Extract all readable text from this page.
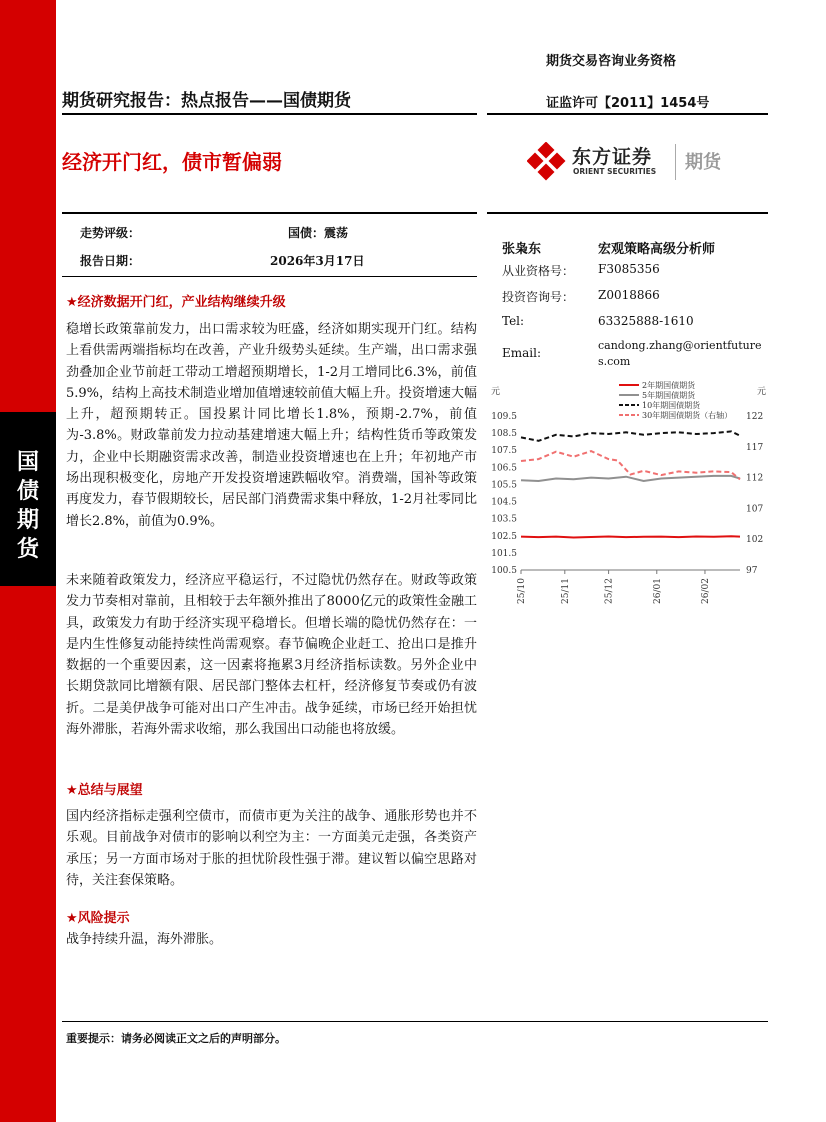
国
债
期
货
期货交易咨询业务资格
期货研究报告：热点报告——国债期货	证监许可【2011】1454号
经济开门红，债市暂偏弱	东方证券
ORIENT SECURITIES 期货
走势评级：	国债：震荡
报告日期：	2026年3月17日
张枭东	宏观策略高级分析师
从业资格号： F3085356
投资咨询号： Z0018866
Tel:	63325888-1610
Email:
candong.zhang@orientfutures.com
元	元
100.5
101.5
102.5
103.5
104.5
105.5
106.5
107.5
108.5
109.5
97
102
107
112
117
122
25/10	25/11	25/12	26/01	26/02
2年期国债期货
5年期国债期货
10年期国债期货
30年期国债期货（右轴）
★经济数据开门红，产业结构继续升级
稳增长政策靠前发力，出口需求较为旺盛，经济如期实现开门红。结构上看供需两端指标均在改善，产业升级势头延续。生产端，出口需求强劲叠加企业节前赶工带动工增超预期增长，1-2月工增同比6.3%，前值5.9%，结构上高技术制造业增加值增速较前值大幅上升。投资增速大幅上升，超预期转正。国投累计同比增长1.8%，预期-2.7%，前值为-3.8%。财政靠前发力拉动基建增速大幅上升；结构性货币等政策发力，企业中长期融资需求改善，制造业投资增速也在上升；年初地产市场出现积极变化，房地产开发投资增速跌幅收窄。消费端，国补等政策再度发力，春节假期较长，居民部门消费需求集中释放，1-2月社零同比增长2.8%，前值为0.9%。
未来随着政策发力，经济应平稳运行，不过隐忧仍然存在。财政等政策发力节奏相对靠前，且相较于去年额外推出了8000亿元的政策性金融工具，政策发力有助于经济实现平稳增长。但增长端的隐忧仍然存在：一是内生性修复动能持续性尚需观察。春节偏晚企业赶工、抢出口是推升数据的一个重要因素，这一因素将拖累3月经济指标读数。另外企业中长期贷款同比增额有限、居民部门整体去杠杆，经济修复节奏或仍有波折。二是美伊战争可能对出口产生冲击。战争延续，市场已经开始担忧海外滞胀，若海外需求收缩，那么我国出口动能也将放缓。
★总结与展望
国内经济指标走强利空债市，而债市更为关注的战争、通胀形势也并不乐观。目前战争对债市的影响以利空为主：一方面美元走强，各类资产承压；另一方面市场对于胀的担忧阶段性强于滞。建议暂以偏空思路对待，关注套保策略。
★风险提示
战争持续升温，海外滞胀。
重要提示：请务必阅读正文之后的声明部分。
